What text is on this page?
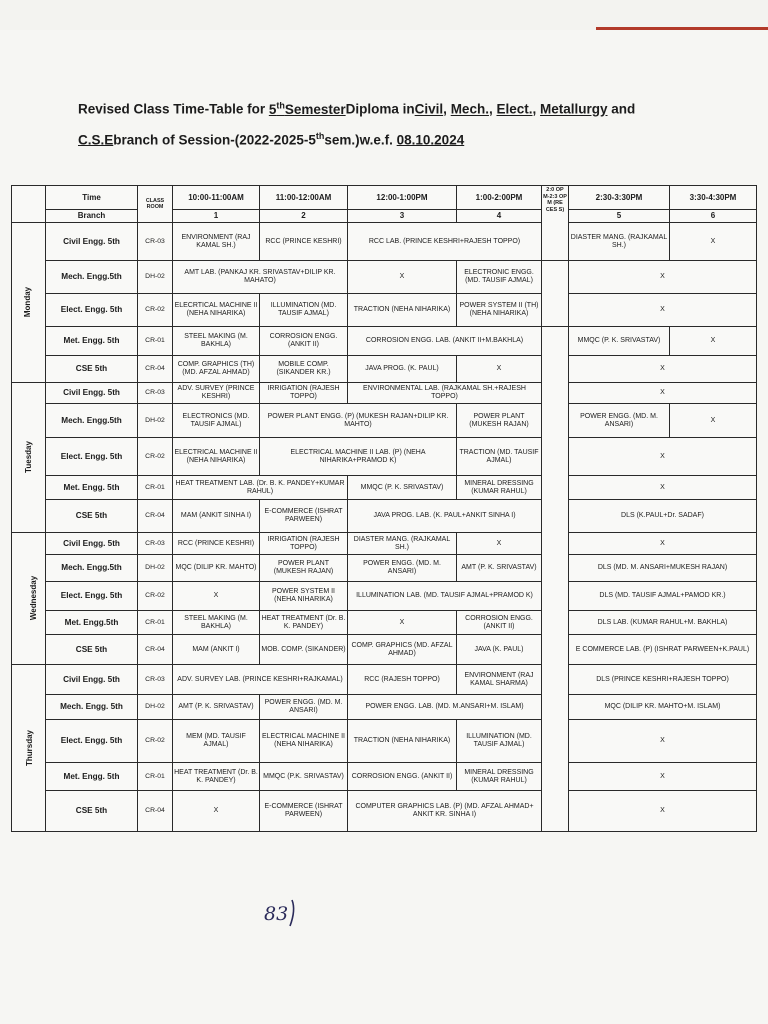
Revised Class Time-Table for 5thSemesterDiploma inCivil, Mech., Elect., Metallurgy and
C.S.Ebranch of Session-(2022-2025-5thsem.)w.e.f. 08.10.2024
	Time	CLASS ROOM	10:00-11:00AM	11:00-12:00AM	12:00-1:00PM	1:00-2:00PM	2:0 OP M-2:3 OP M (RE CES S)	2:30-3:30PM	3:30-4:30PM
	Branch		1	2	3	4		5	6
Monday	Civil Engg. 5th	CR-03	ENVIRONMENT (RAJ KAMAL SH.)	RCC (PRINCE KESHRI)	RCC LAB. (PRINCE KESHRI+RAJESH TOPPO)			DIASTER MANG. (RAJKAMAL SH.)	X
	Mech. Engg.5th	DH-02	AMT LAB. (PANKAJ KR. SRIVASTAV+DILIP KR. MAHATO)		X	ELECTRONIC ENGG. (MD. TAUSIF AJMAL)		X	
	Elect. Engg. 5th	CR-02	ELECRTICAL MACHINE II (NEHA NIHARIKA)	ILLUMINATION (MD. TAUSIF AJMAL)	TRACTION (NEHA NIHARIKA)	POWER SYSTEM II (TH) (NEHA NIHARIKA)		X	
	Met. Engg. 5th	CR-01	STEEL MAKING (M. BAKHLA)	CORROSION ENGG. (ANKIT II)	CORROSION ENGG. LAB. (ANKIT II+M.BAKHLA)			MMQC (P. K. SRIVASTAV)	X
	CSE 5th	CR-04	COMP. GRAPHICS (TH) (MD. AFZAL AHMAD)	MOBILE COMP. (SIKANDER KR.)	JAVA PROG. (K. PAUL)	X		X	
Tuesday	Civil Engg. 5th	CR-03	ADV. SURVEY (PRINCE KESHRI)	IRRIGATION (RAJESH TOPPO)	ENVIRONMENTAL LAB. (RAJKAMAL SH.+RAJESH TOPPO)			X	
	Mech. Engg.5th	DH-02	ELECTRONICS (MD. TAUSIF AJMAL)	POWER PLANT ENGG. (P) (MUKESH RAJAN+DILIP KR. MAHTO)		POWER PLANT (MUKESH RAJAN)		POWER ENGG. (MD. M. ANSARI)	X
	Elect. Engg. 5th	CR-02	ELECTRICAL MACHINE II (NEHA NIHARIKA)	ELECTRICAL MACHINE II LAB. (P) (NEHA NIHARIKA+PRAMOD K)		TRACTION (MD. TAUSIF AJMAL)		X	
	Met. Engg. 5th	CR-01	HEAT TREATMENT LAB. (Dr. B. K. PANDEY+KUMAR RAHUL)		MMQC (P. K. SRIVASTAV)	MINERAL DRESSING (KUMAR RAHUL)		X	
	CSE 5th	CR-04	MAM (ANKIT SINHA I)	E-COMMERCE (ISHRAT PARWEEN)	JAVA PROG. LAB. (K. PAUL+ANKIT SINHA I)			DLS (K.PAUL+Dr. SADAF)	
Wednesday	Civil Engg. 5th	CR-03	RCC (PRINCE KESHRI)	IRRIGATION (RAJESH TOPPO)	DIASTER MANG. (RAJKAMAL SH.)	X		X	
	Mech. Engg.5th	DH-02	MQC (DILIP KR. MAHTO)	POWER PLANT (MUKESH RAJAN)	POWER ENGG. (MD. M. ANSARI)	AMT (P. K. SRIVASTAV)		DLS (MD. M. ANSARI+MUKESH RAJAN)	
	Elect. Engg. 5th	CR-02	X	POWER SYSTEM II (NEHA NIHARIKA)	ILLUMINATION LAB. (MD. TAUSIF AJMAL+PRAMOD K)			DLS (MD. TAUSIF AJMAL+PAMOD KR.)	
	Met. Engg.5th	CR-01	STEEL MAKING (M. BAKHLA)	HEAT TREATMENT (Dr. B. K. PANDEY)	X	CORROSION ENGG. (ANKIT II)		DLS LAB. (KUMAR RAHUL+M. BAKHLA)	
	CSE 5th	CR-04	MAM (ANKIT I)	MOB. COMP. (SIKANDER)	COMP. GRAPHICS (MD. AFZAL AHMAD)	JAVA (K. PAUL)		E COMMERCE LAB. (P) (ISHRAT PARWEEN+K.PAUL)	
Thursday	Civil Engg. 5th	CR-03	ADV. SURVEY LAB. (PRINCE KESHRI+RAJKAMAL)		RCC (RAJESH TOPPO)	ENVIRONMENT (RAJ KAMAL SHARMA)		DLS (PRINCE KESHRI+RAJESH TOPPO)	
	Mech. Engg. 5th	DH-02	AMT (P. K. SRIVASTAV)	POWER ENGG. (MD. M. ANSARI)	POWER ENGG. LAB. (MD. M.ANSARI+M. ISLAM)			MQC (DILIP KR. MAHTO+M. ISLAM)	
	Elect. Engg. 5th	CR-02	MEM (MD. TAUSIF AJMAL)	ELECTRICAL MACHINE II (NEHA NIHARIKA)	TRACTION (NEHA NIHARIKA)	ILLUMINATION (MD. TAUSIF AJMAL)		X	
	Met. Engg. 5th	CR-01	HEAT TREATMENT (Dr. B. K. PANDEY)	MMQC (P.K. SRIVASTAV)	CORROSION ENGG. (ANKIT II)	MINERAL DRESSING (KUMAR RAHUL)		X	
	CSE 5th	CR-04	X	E-COMMERCE (ISHRAT PARWEEN)	COMPUTER GRAPHICS LAB. (P) (MD. AFZAL AHMAD+ ANKIT KR. SINHA I)			X	
83
